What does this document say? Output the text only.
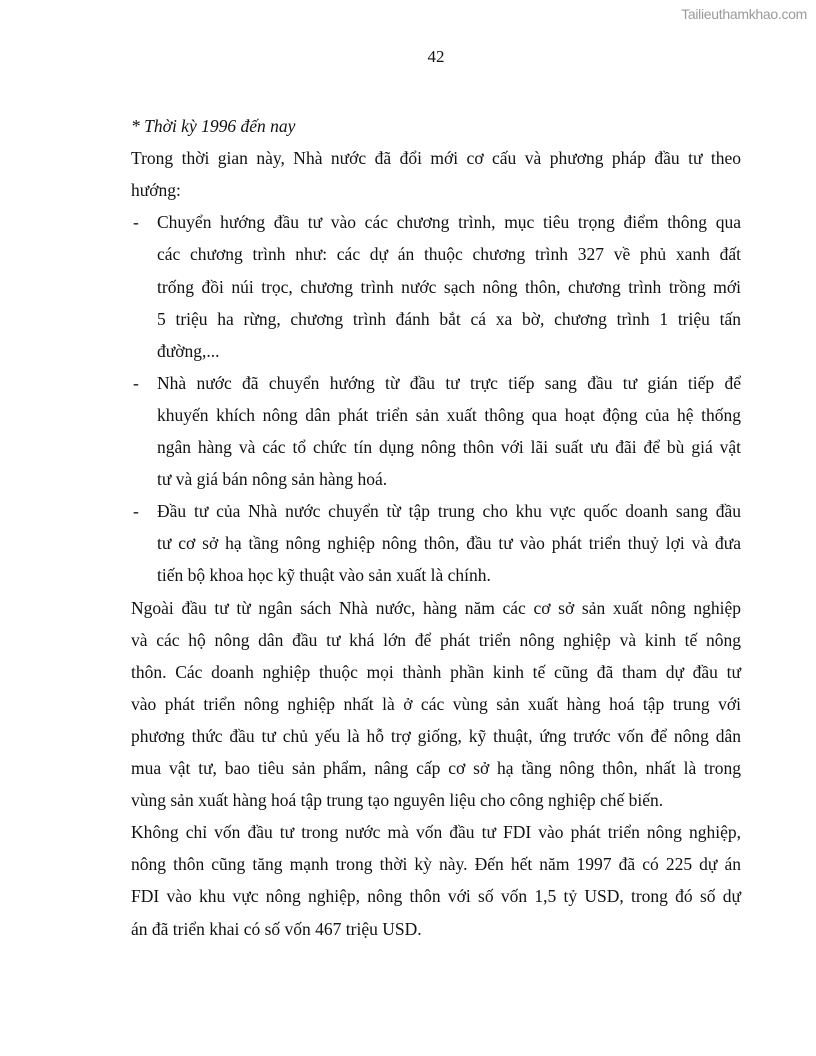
Tailieuthamkhao.com
42
* Thời kỳ 1996 đến nay
Trong thời gian này, Nhà nước đã đổi mới cơ cấu và phương pháp đầu tư theo
hướng:
- Chuyển hướng đầu tư vào các chương trình, mục tiêu trọng điểm thông qua
các chương trình như: các dự án thuộc chương trình 327 về phủ xanh đất
trống đồi núi trọc, chương trình nước sạch nông thôn, chương trình trồng mới
5 triệu ha rừng, chương trình đánh bắt cá xa bờ, chương trình 1 triệu tấn
đường,...
- Nhà nước đã chuyển hướng từ đầu tư trực tiếp sang đầu tư gián tiếp để
khuyến khích nông dân phát triển sản xuất thông qua hoạt động của hệ thống
ngân hàng và các tổ chức tín dụng nông thôn với lãi suất ưu đãi để bù giá vật
tư và giá bán nông sản hàng hoá.
- Đầu tư của Nhà nước chuyển từ tập trung cho khu vực quốc doanh sang đầu
tư cơ sở hạ tầng nông nghiệp nông thôn, đầu tư vào phát triển thuỷ lợi và đưa
tiến bộ khoa học kỹ thuật vào sản xuất là chính.
Ngoài đầu tư từ ngân sách Nhà nước, hàng năm các cơ sở sản xuất nông nghiệp
và các hộ nông dân đầu tư khá lớn để phát triển nông nghiệp và kinh tế nông
thôn. Các doanh nghiệp thuộc mọi thành phần kinh tế cũng đã tham dự đầu tư
vào phát triển nông nghiệp nhất là ở các vùng sản xuất hàng hoá tập trung với
phương thức đầu tư chủ yếu là hỗ trợ giống, kỹ thuật, ứng trước vốn để nông dân
mua vật tư, bao tiêu sản phẩm, nâng cấp cơ sở hạ tầng nông thôn, nhất là trong
vùng sản xuất hàng hoá tập trung tạo nguyên liệu cho công nghiệp chế biến.
Không chỉ vốn đầu tư trong nước mà vốn đầu tư FDI vào phát triển nông nghiệp,
nông thôn cũng tăng mạnh trong thời kỳ này. Đến hết năm 1997 đã có 225 dự án
FDI vào khu vực nông nghiệp, nông thôn với số vốn 1,5 tỷ USD, trong đó số dự
án đã triển khai có số vốn 467 triệu USD.
